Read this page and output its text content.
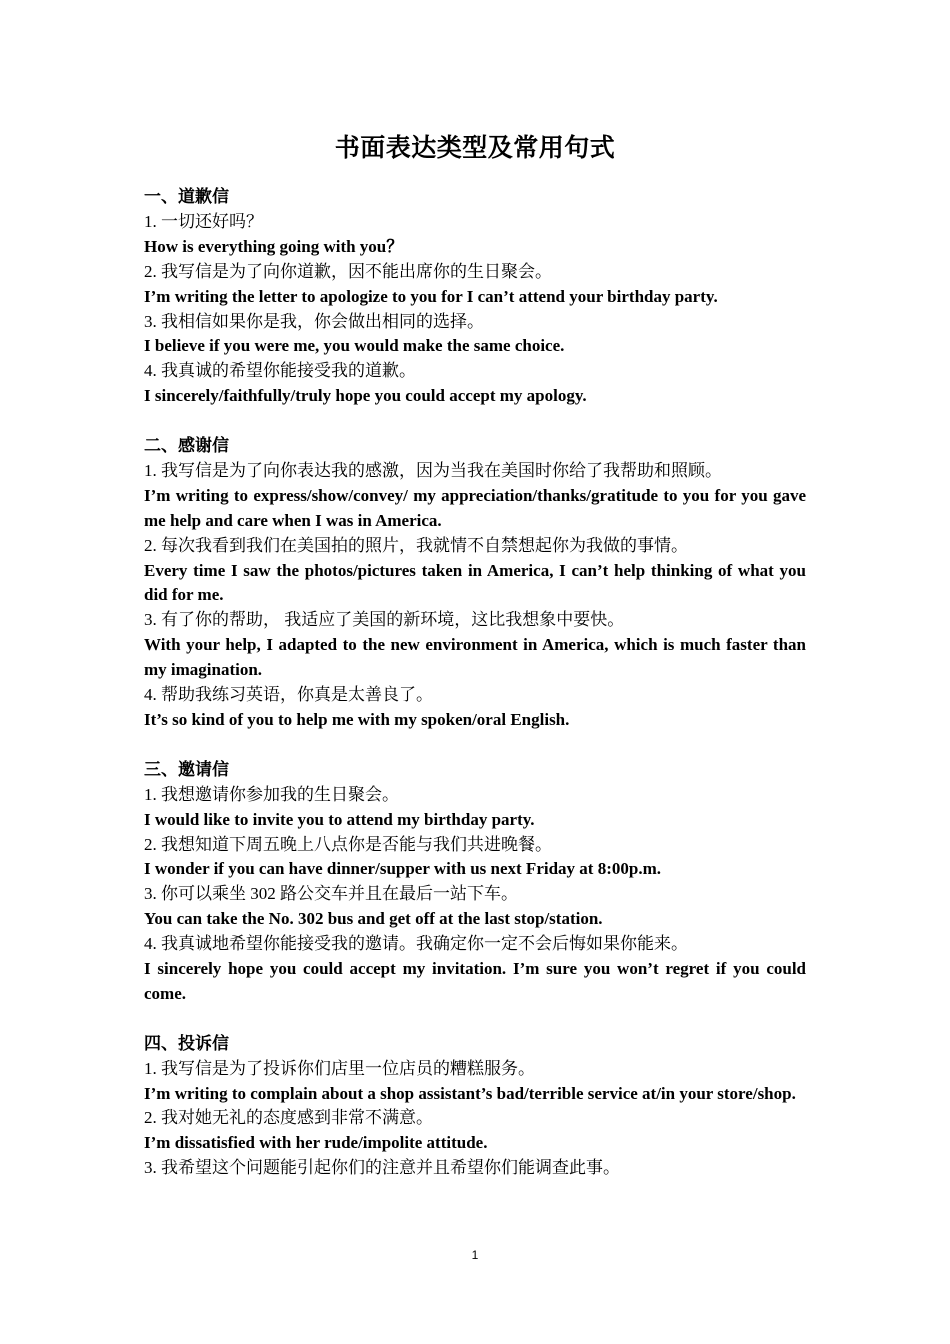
书面表达类型及常用句式

一、道歉信

1. 一切还好吗？

How is everything going with you？

2. 我写信是为了向你道歉，因不能出席你的生日聚会。

I’m writing the letter to apologize to you for I can’t attend your birthday party.

3. 我相信如果你是我，你会做出相同的选择。

I believe if you were me, you would make the same choice.

4. 我真诚的希望你能接受我的道歉。

I sincerely/faithfully/truly hope you could accept my apology.

二、感谢信

1. 我写信是为了向你表达我的感激，因为当我在美国时你给了我帮助和照顾。

I’m writing to express/show/convey/ my appreciation/thanks/gratitude to you for you gave me help and care when I was in America.

2. 每次我看到我们在美国拍的照片，我就情不自禁想起你为我做的事情。

Every time I saw the photos/pictures taken in America, I can’t help thinking of what you did for me.

3. 有了你的帮助， 我适应了美国的新环境，这比我想象中要快。

With your help, I adapted to the new environment in America, which is much faster than my imagination.

4. 帮助我练习英语，你真是太善良了。

It’s so kind of you to help me with my spoken/oral English.

三、邀请信

1. 我想邀请你参加我的生日聚会。

I would like to invite you to attend my birthday party.

2. 我想知道下周五晚上八点你是否能与我们共进晚餐。

I wonder if you can have dinner/supper with us next Friday at 8:00p.m.

3. 你可以乘坐 302 路公交车并且在最后一站下车。

You can take the No. 302 bus and get off at the last stop/station.

4. 我真诚地希望你能接受我的邀请。我确定你一定不会后悔如果你能来。

I sincerely hope you could accept my invitation. I’m sure you won’t regret if you could come.

四、投诉信

1. 我写信是为了投诉你们店里一位店员的糟糕服务。

I’m writing to complain about a shop assistant’s bad/terrible service at/in your store/shop.

2. 我对她无礼的态度感到非常不满意。

I’m dissatisfied with her rude/impolite attitude.

3. 我希望这个问题能引起你们的注意并且希望你们能调查此事。

1
